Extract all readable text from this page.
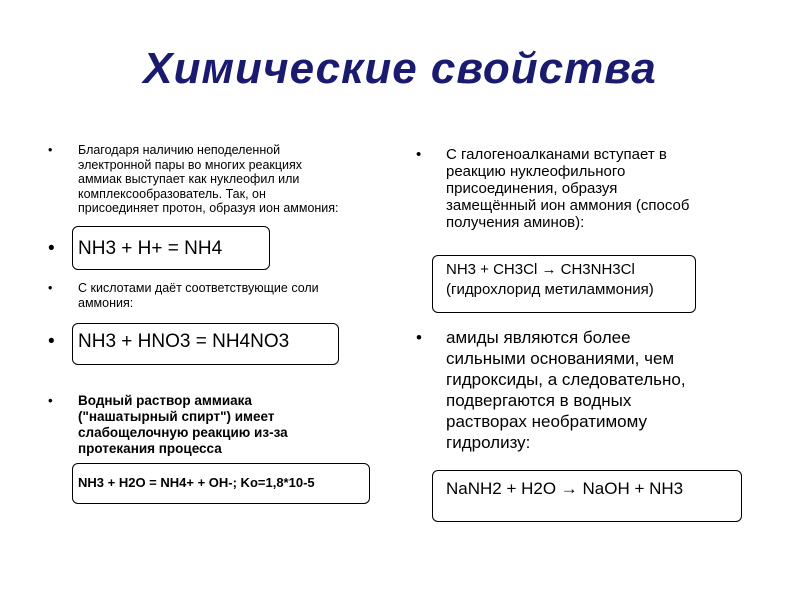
Химические свойства
• Благодаря наличию неподеленной
электронной пары во многих реакциях
аммиак выступает как нуклеофил или
комплексообразователь. Так, он
присоединяет протон, образуя ион аммония:
• NH3 + H+ = NH4
• С кислотами даёт соответствующие соли
аммония:
• NH3 + HNO3 = NH4NO3
• Водный раствор аммиака
("нашатырный спирт") имеет
слабощелочную реакцию из-за
протекания процесса
NH3 + H2O = NH4+ + OH-; Ko=1,8*10-5
• С галогеноалканами вступает в
реакцию нуклеофильного
присоединения, образуя
замещённый ион аммония (способ
получения аминов):
NH3 + CH3Cl → CH3NH3Cl
(гидрохлорид метиламмония)
• амиды являются более
сильными основаниями, чем
гидроксиды, а следовательно,
подвергаются в водных
растворах необратимому
гидролизу:
NaNH2 + H2O → NaOH + NH3
